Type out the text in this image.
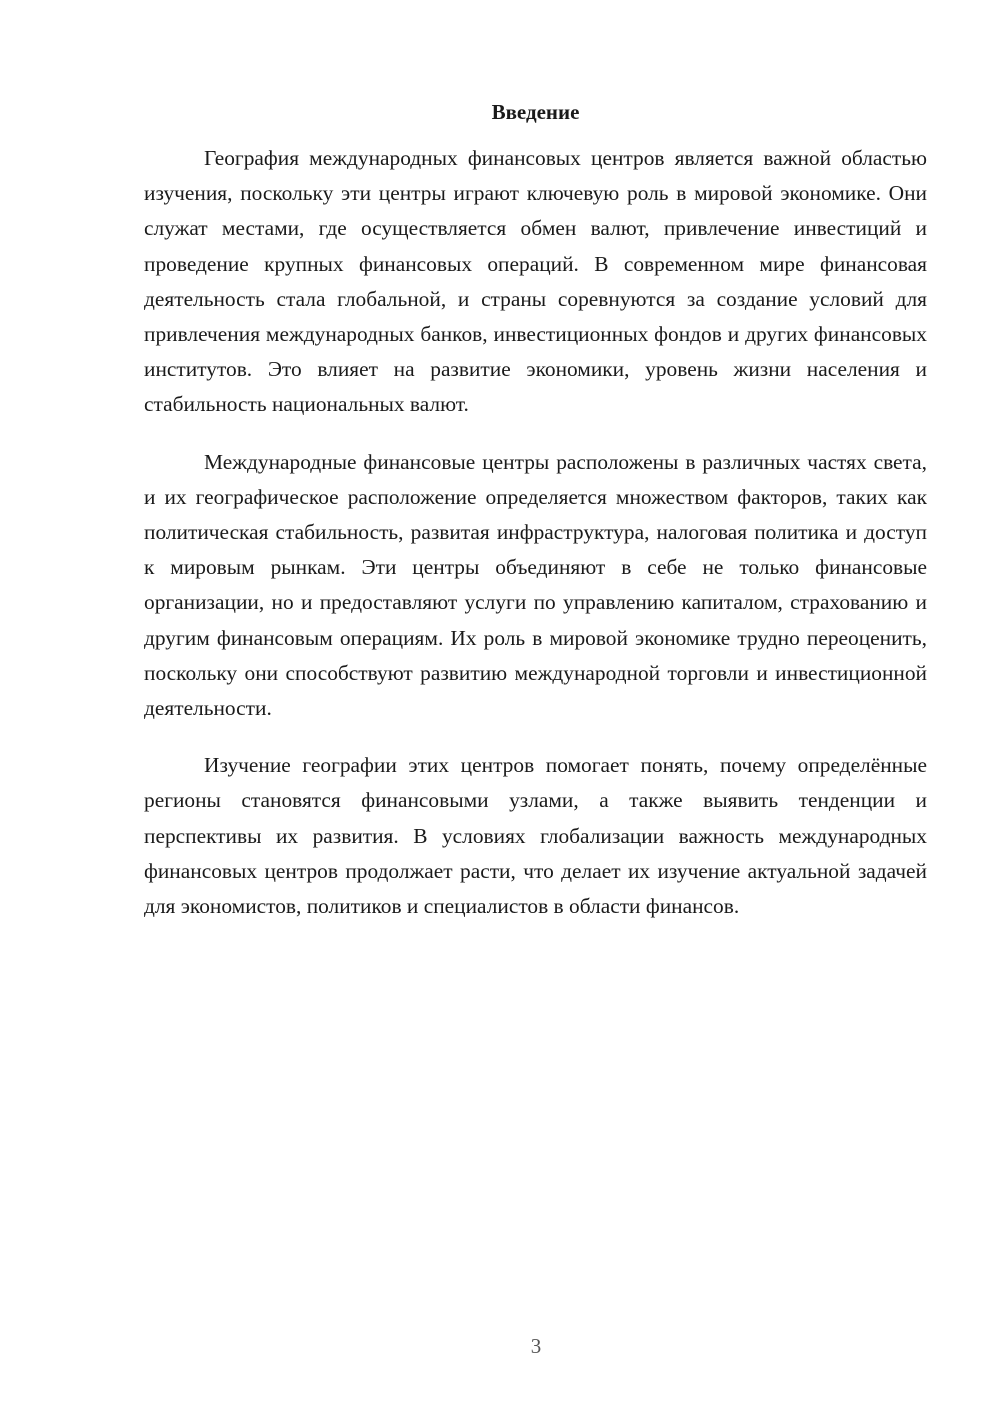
Введение

География международных финансовых центров является важной областью изучения, поскольку эти центры играют ключевую роль в мировой экономике. Они служат местами, где осуществляется обмен валют, привлечение инвестиций и проведение крупных финансовых операций. В современном мире финансовая деятельность стала глобальной, и страны соревнуются за создание условий для привлечения международных банков, инвестиционных фондов и других финансовых институтов. Это влияет на развитие экономики, уровень жизни населения и стабильность национальных валют.

Международные финансовые центры расположены в различных частях света, и их географическое расположение определяется множеством факторов, таких как политическая стабильность, развитая инфраструктура, налоговая политика и доступ к мировым рынкам. Эти центры объединяют в себе не только финансовые организации, но и предоставляют услуги по управлению капиталом, страхованию и другим финансовым операциям. Их роль в мировой экономике трудно переоценить, поскольку они способствуют развитию международной торговли и инвестиционной деятельности.

Изучение географии этих центров помогает понять, почему определённые регионы становятся финансовыми узлами, а также выявить тенденции и перспективы их развития. В условиях глобализации важность международных финансовых центров продолжает расти, что делает их изучение актуальной задачей для экономистов, политиков и специалистов в области финансов.

3
